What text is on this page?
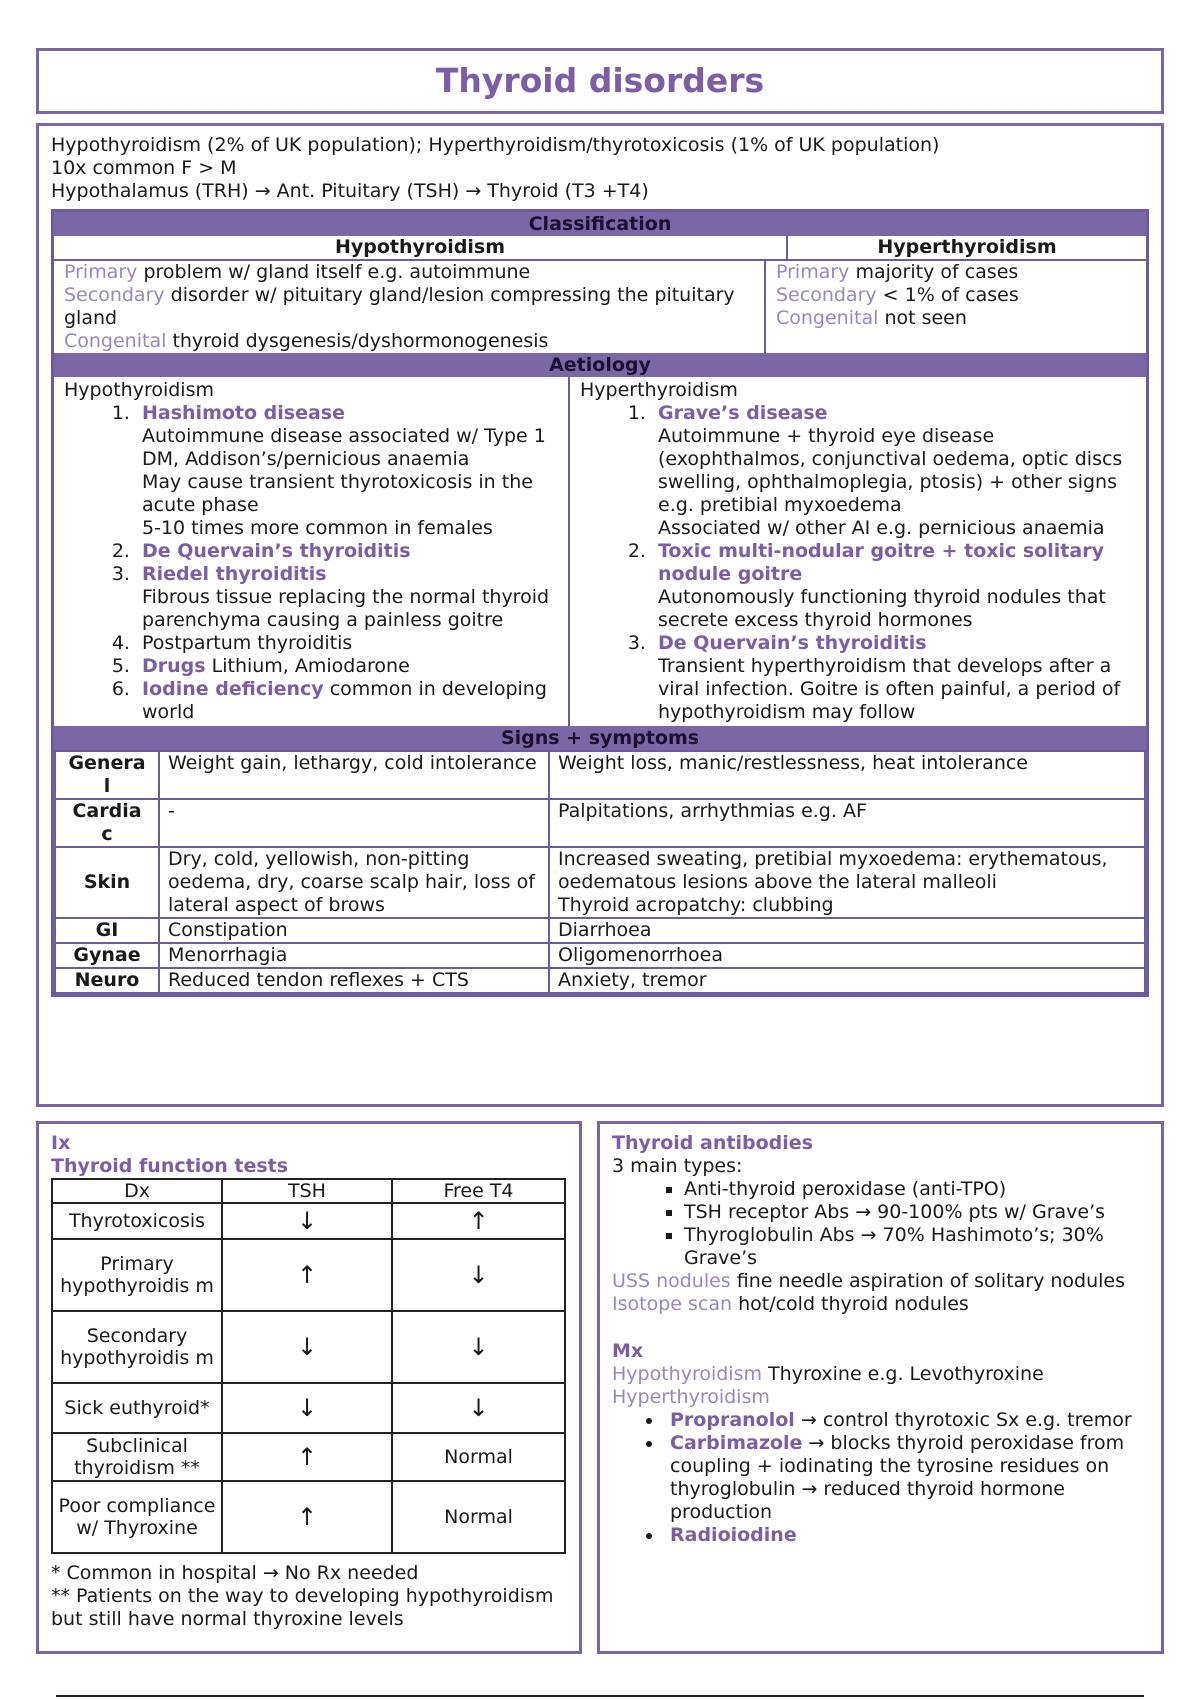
Thyroid disorders
Hypothyroidism (2% of UK population); Hyperthyroidism/thyrotoxicosis (1% of UK population)
10x common F > M
Hypothalamus (TRH) → Ant. Pituitary (TSH) → Thyroid (T3 +T4)
Classification
Hypothyroidism	Hyperthyroidism
Primary problem w/ gland itself e.g. autoimmune
Secondary disorder w/ pituitary gland/lesion compressing the pituitary gland
Congenital thyroid dysgenesis/dyshormonogenesis
Primary majority of cases
Secondary < 1% of cases
Congenital not seen
Aetiology
Hypothyroidism
1. Hashimoto disease
Autoimmune disease associated w/ Type 1 DM, Addison’s/pernicious anaemia
May cause transient thyrotoxicosis in the acute phase
5-10 times more common in females
2. De Quervain’s thyroiditis
3. Riedel thyroiditis
Fibrous tissue replacing the normal thyroid parenchyma causing a painless goitre
4. Postpartum thyroiditis
5. Drugs Lithium, Amiodarone
6. Iodine deficiency common in developing world
Hyperthyroidism
1. Grave’s disease
Autoimmune + thyroid eye disease (exophthalmos, conjunctival oedema, optic discs swelling, ophthalmoplegia, ptosis) + other signs e.g. pretibial myxoedema
Associated w/ other AI e.g. pernicious anaemia
2. Toxic multi-nodular goitre + toxic solitary nodule goitre
Autonomously functioning thyroid nodules that secrete excess thyroid hormones
3. De Quervain’s thyroiditis
Transient hyperthyroidism that develops after a viral infection. Goitre is often painful, a period of hypothyroidism may follow
Signs + symptoms
Genera l	Weight gain, lethargy, cold intolerance	Weight loss, manic/restlessness, heat intolerance
Cardia c	-	Palpitations, arrhythmias e.g. AF
Skin	Dry, cold, yellowish, non-pitting oedema, dry, coarse scalp hair, loss of lateral aspect of brows	Increased sweating, pretibial myxoedema: erythematous, oedematous lesions above the lateral malleoli
Thyroid acropatchy: clubbing

GI	Constipation	Diarrhoea
Gynae	Menorrhagia	Oligomenorrhoea
Neuro	Reduced tendon reflexes + CTS	Anxiety, tremor
Ix
Thyroid function tests
Dx	TSH	Free T4
Thyrotoxicosis	↓	↑
Primary hypothyroidis m	↑	↓
Secondary hypothyroidis m	↓	↓
Sick euthyroid*	↓	↓
Subclinical thyroidism **	↑	Normal
Poor compliance w/ Thyroxine	↑	Normal
* Common in hospital → No Rx needed
** Patients on the way to developing hypothyroidism but still have normal thyroxine levels
Thyroid antibodies
3 main types:
▪ Anti-thyroid peroxidase (anti-TPO)
▪ TSH receptor Abs → 90-100% pts w/ Grave’s
▪ Thyroglobulin Abs → 70% Hashimoto’s; 30% Grave’s
USS nodules fine needle aspiration of solitary nodules
Isotope scan hot/cold thyroid nodules
Mx
Hypothyroidism Thyroxine e.g. Levothyroxine
Hyperthyroidism
• Propranolol → control thyrotoxic Sx e.g. tremor
• Carbimazole → blocks thyroid peroxidase from coupling + iodinating the tyrosine residues on thyroglobulin → reduced thyroid hormone production
• Radioiodine
